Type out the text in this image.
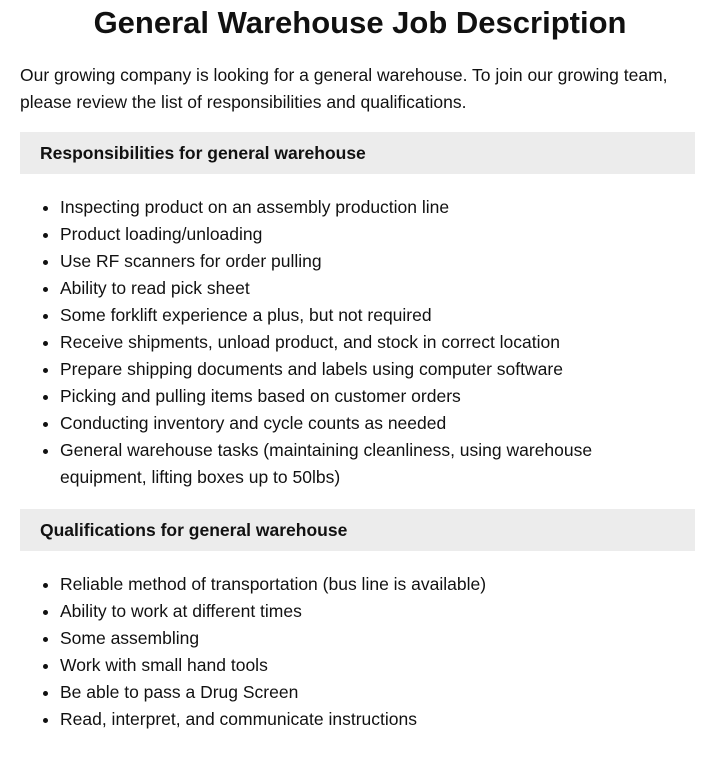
General Warehouse Job Description

Our growing company is looking for a general warehouse. To join our growing team, please review the list of responsibilities and qualifications.

Responsibilities for general warehouse
• Inspecting product on an assembly production line
• Product loading/unloading
• Use RF scanners for order pulling
• Ability to read pick sheet
• Some forklift experience a plus, but not required
• Receive shipments, unload product, and stock in correct location
• Prepare shipping documents and labels using computer software
• Picking and pulling items based on customer orders
• Conducting inventory and cycle counts as needed
• General warehouse tasks (maintaining cleanliness, using warehouse equipment, lifting boxes up to 50lbs)
Qualifications for general warehouse
• Reliable method of transportation (bus line is available)
• Ability to work at different times
• Some assembling
• Work with small hand tools
• Be able to pass a Drug Screen
• Read, interpret, and communicate instructions
